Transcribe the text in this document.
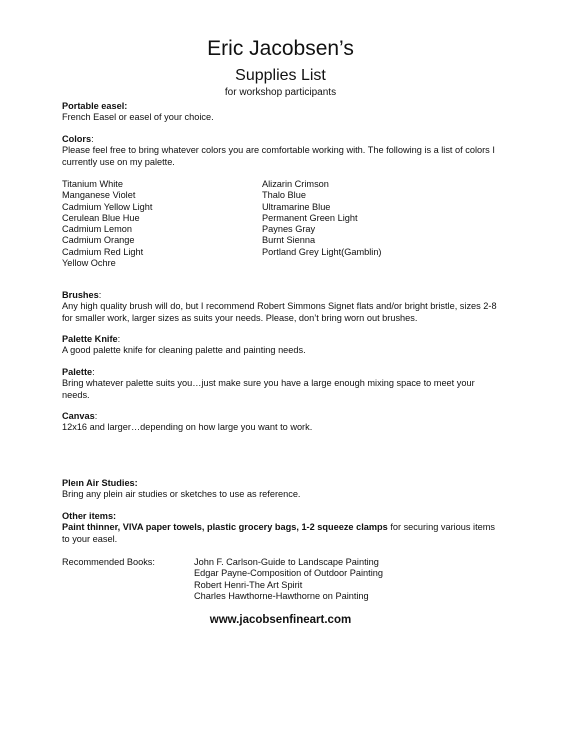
Eric Jacobsen’s
Supplies List
for workshop participants
Portable easel:

French Easel or easel of your choice.

Colors:

Please feel free to bring whatever colors you are comfortable working with. The following is a list of colors I currently use on my palette.

Titanium White
Manganese Violet
Cadmium Yellow Light
Cerulean Blue Hue
Cadmium Lemon
Cadmium Orange
Cadmium Red Light
Yellow Ochre
Alizarin Crimson
Thalo Blue
Ultramarine Blue
Permanent Green Light
Paynes Gray
Burnt Sienna
Portland Grey Light(Gamblin)
Brushes:

Any high quality brush will do, but I recommend Robert Simmons Signet flats and/or bright bristle, sizes 2-8 for smaller work, larger sizes as suits your needs. Please, don’t bring worn out brushes.

Palette Knife:

A good palette knife for cleaning palette and painting needs.

Palette:

Bring whatever palette suits you…just make sure you have a large enough mixing space to meet your needs.

Canvas:

12x16 and larger…depending on how large you want to work.

Pleın Air Studies:

Bring any plein air studies or sketches to use as reference.

Other items:

Paint thinner, VIVA paper towels, plastic grocery bags, 1-2 squeeze clamps for securing various items to your easel.

Recommended Books:	John F. Carlson-Guide to Landscape Painting
Edgar Payne-Composition of Outdoor Painting
Robert Henri-The Art Spirit
Charles Hawthorne-Hawthorne on Painting
www.jacobsenfineart.com
